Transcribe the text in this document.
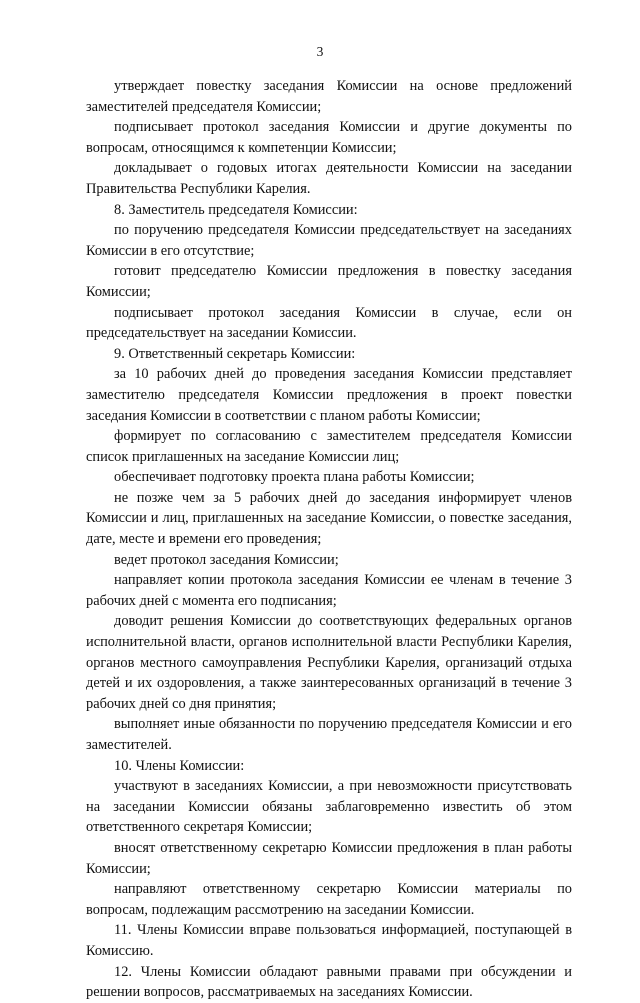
3

утверждает повестку заседания Комиссии на основе предложений заместителей председателя Комиссии;

подписывает протокол заседания Комиссии и другие документы по вопросам, относящимся к компетенции Комиссии;

докладывает о годовых итогах деятельности Комиссии на заседании Правительства Республики Карелия.

8. Заместитель председателя Комиссии:

по поручению председателя Комиссии председательствует на заседаниях Комиссии в его отсутствие;

готовит председателю Комиссии предложения в повестку заседания Комиссии;

подписывает протокол заседания Комиссии в случае, если он председательствует на заседании Комиссии.

9. Ответственный секретарь Комиссии:

за 10 рабочих дней до проведения заседания Комиссии представляет заместителю председателя Комиссии предложения в проект повестки заседания Комиссии в соответствии с планом работы Комиссии;

формирует по согласованию с заместителем председателя Комиссии список приглашенных на заседание Комиссии лиц;

обеспечивает подготовку проекта плана работы Комиссии;

не позже чем за 5 рабочих дней до заседания информирует членов Комиссии и лиц, приглашенных на заседание Комиссии, о повестке заседания, дате, месте и времени его проведения;

ведет протокол заседания Комиссии;

направляет копии протокола заседания Комиссии ее членам в течение 3 рабочих дней с момента его подписания;

доводит решения Комиссии до соответствующих федеральных органов исполнительной власти, органов исполнительной власти Республики Карелия, органов местного самоуправления Республики Карелия, организаций отдыха детей и их оздоровления, а также заинтересованных организаций в течение 3 рабочих дней со дня принятия;

выполняет иные обязанности по поручению председателя Комиссии и его заместителей.

10. Члены Комиссии:

участвуют в заседаниях Комиссии, а при невозможности присутствовать на заседании Комиссии обязаны заблаговременно известить об этом ответственного секретаря Комиссии;

вносят ответственному секретарю Комиссии предложения в план работы Комиссии;

направляют ответственному секретарю Комиссии материалы по вопросам, подлежащим рассмотрению на заседании Комиссии.

11. Члены Комиссии вправе пользоваться информацией, поступающей в Комиссию.

12. Члены Комиссии обладают равными правами при обсуждении и решении вопросов, рассматриваемых на заседаниях Комиссии.
